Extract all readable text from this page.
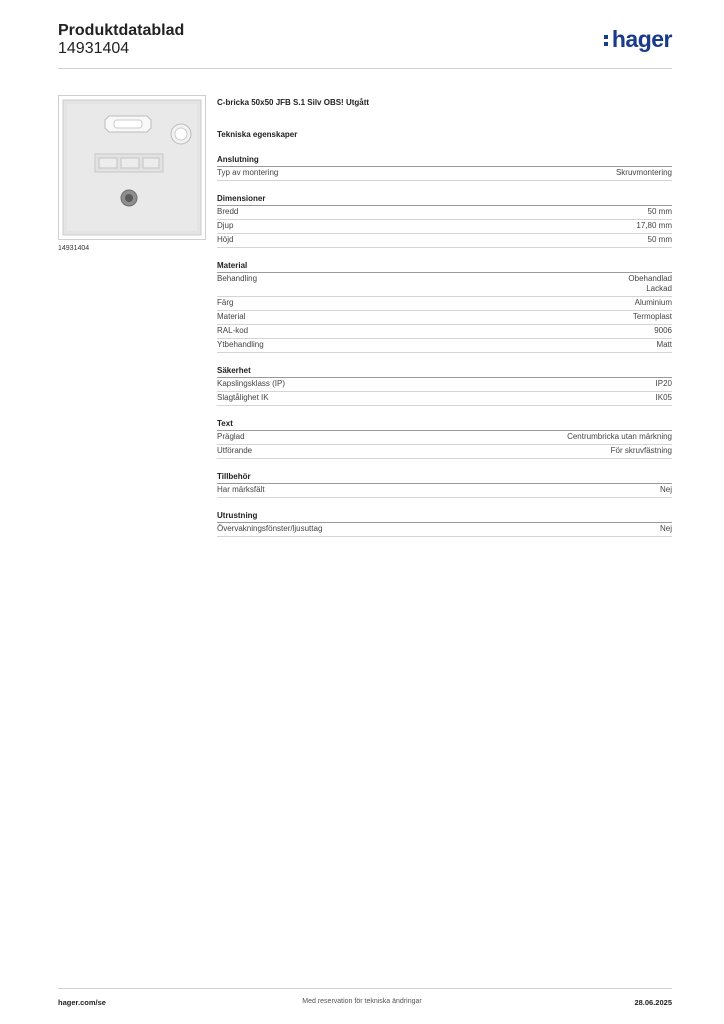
Produktdatablad
14931404	hager
14931404
C-bricka 50x50 JFB S.1 Silv OBS! Utgått
Tekniska egenskaper
Anslutning
Typ av montering	Skruvmontering
Dimensioner
Bredd	50 mm
Djup	17,80 mm
Höjd	50 mm
Material
Behandling	Obehandlad
Lackad
Färg	Aluminium
Material	Termoplast
RAL-kod	9006
Ytbehandling	Matt
Säkerhet
Kapslingsklass (IP)	IP20
Slagtålighet IK	IK05
Text
Präglad	Centrumbricka utan märkning
Utförande	För skruvfästning
Tillbehör
Har märksfält	Nej
Utrustning
Övervakningsfönster/ljusuttag	Nej
hager.com/se	Med reservation för tekniska ändringar	28.06.2025
